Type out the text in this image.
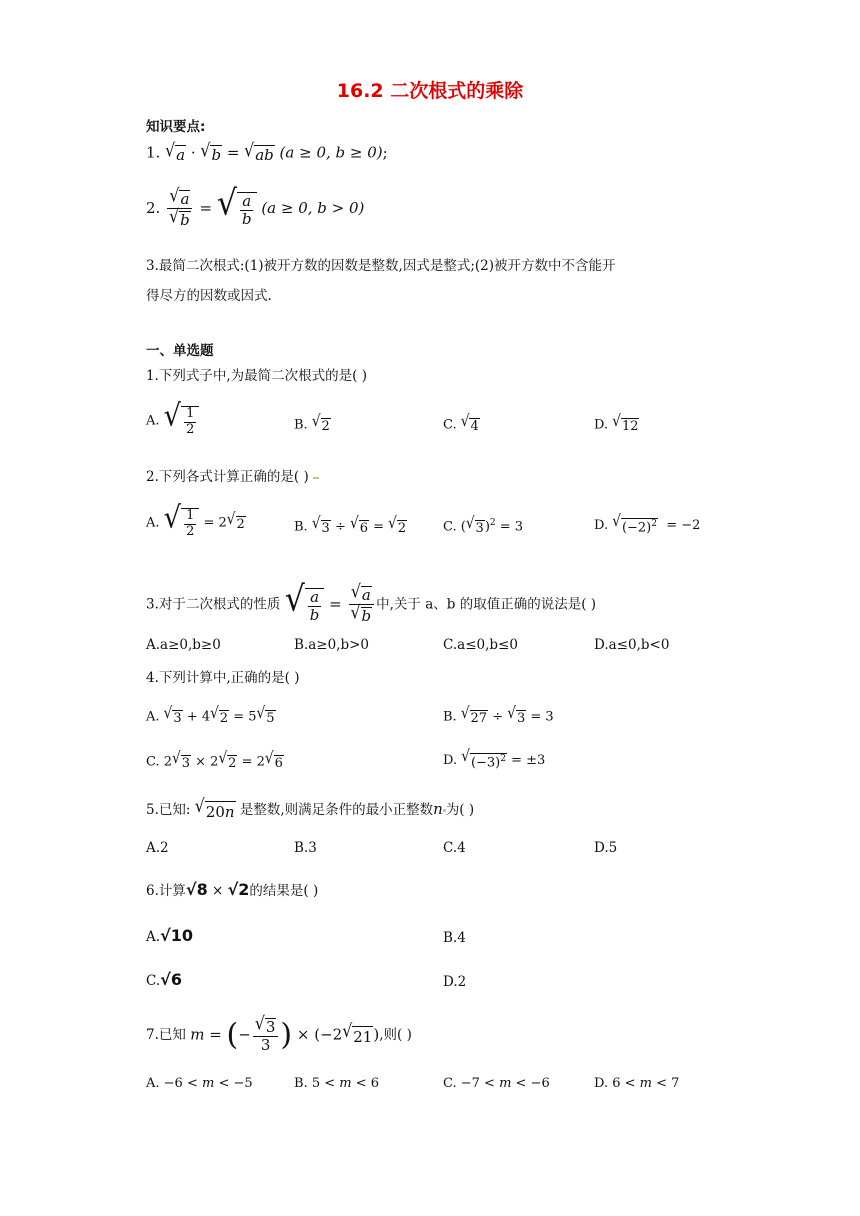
16.2 二次根式的乘除
知识要点:
1. √ a · √ b = √ ab (a ≥ 0, b ≥ 0);
2. $\frac{√ a}{√ b}$ = √ $\frac{a}{b} (a \ge 0$, b > 0)
3.最简二次根式:(1)被开方数的因数是整数,因式是整式;(2)被开方数中不含能开
得尽方的因数或因式.
一、单选题
1.下列式子中,为最简二次根式的是( )
A. √ $\frac{1}{2}$	B. √ 2	C. √ 4	D. √ 12
2.下列各式计算正确的是( )
A. √ $\frac{1}{2} = 2$ √ 2	B. √ 3 ÷ √ 6 = √ 2	C. ( √ 3 )$^2$ = 3	D. √ $(-2)^2 = -2$
3.对于二次根式的性质 √ $\frac{a}{b} = \frac{√ a}{√ b}$ 中,关于 a、b 的取值正确的说法是( )
A.a≥0,b≥0	B.a≥0,b>0	C.a≤0,b≤0	D.a≤0,b<0
4.下列计算中,正确的是( )
A. √ 3 + 4 √ 2 = 5 √ 5	B. √ 27 ÷ √ 3 = 3
C. 2 √ 3 × 2 √ 2 = 2 √ 6	D. √ $(-3)^2 = \pm 3$
5.已知: √ 20n 是整数,则满足条件的最小正整数n 为( )
A.2	B.3	C.4	D.5
6.计算√8 × √2的结果是( )
A.√10	B.4
C.√6	D.2
7.已知 m = (− $\frac{√ 3}{3}$ ) × (−2 √ 21 ),则( )
A. −6 < m < −5	B. 5 < m < 6	C. −7 < m < −6	D. 6 < m < 7
